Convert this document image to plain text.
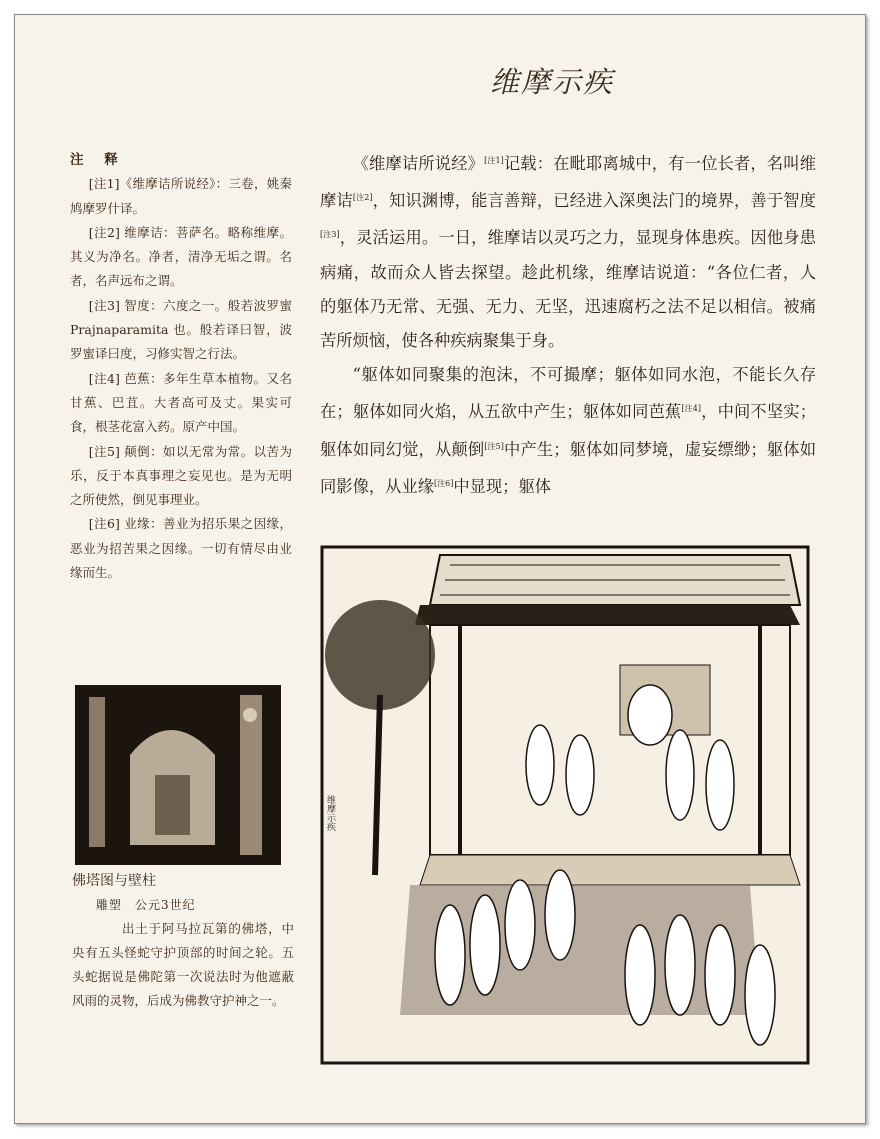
维摩示疾
注 释

[注1]《维摩诘所说经》：三卷，姚秦鸠摩罗什译。

[注2] 维摩诘：菩萨名。略称维摩。其义为净名。净者，清净无垢之谓。名者，名声远布之谓。

[注3] 智度：六度之一。般若波罗蜜 Prajnaparamita 也。般若译曰智，波罗蜜译曰度，习修实智之行法。

[注4] 芭蕉：多年生草本植物。又名甘蕉、巴苴。大者高可及丈。果实可食，根茎花富入药。原产中国。

[注5] 颠倒：如以无常为常。以苦为乐，反于本真事理之妄见也。是为无明之所使然，倒见事理业。

[注6] 业缘：善业为招乐果之因缘，恶业为招苦果之因缘。一切有情尽由业缘而生。

《维摩诘所说经》[注1]记载：在毗耶离城中，有一位长者，名叫维摩诘[注2]，知识渊博，能言善辩，已经进入深奥法门的境界，善于智度[注3]，灵活运用。一日，维摩诘以灵巧之力，显现身体患疾。因他身患病痛，故而众人皆去探望。趁此机缘，维摩诘说道：“各位仁者，人的躯体乃无常、无强、无力、无坚，迅速腐朽之法不足以相信。被痛苦所烦恼，使各种疾病聚集于身。

“躯体如同聚集的泡沫，不可撮摩；躯体如同水泡，不能长久存在；躯体如同火焰，从五欲中产生；躯体如同芭蕉[注4]，中间不坚实；躯体如同幻觉，从颠倒[注5]中产生；躯体如同梦境，虚妄缥缈；躯体如同影像，从业缘[注6]中显现；躯体

佛塔图与壁柱
雕塑　公元3世纪
出土于阿马拉瓦第的佛塔，中央有五头怪蛇守护顶部的时间之轮。五头蛇据说是佛陀第一次说法时为他遮蔽风雨的灵物，后成为佛教守护神之一。
维摩示疾
